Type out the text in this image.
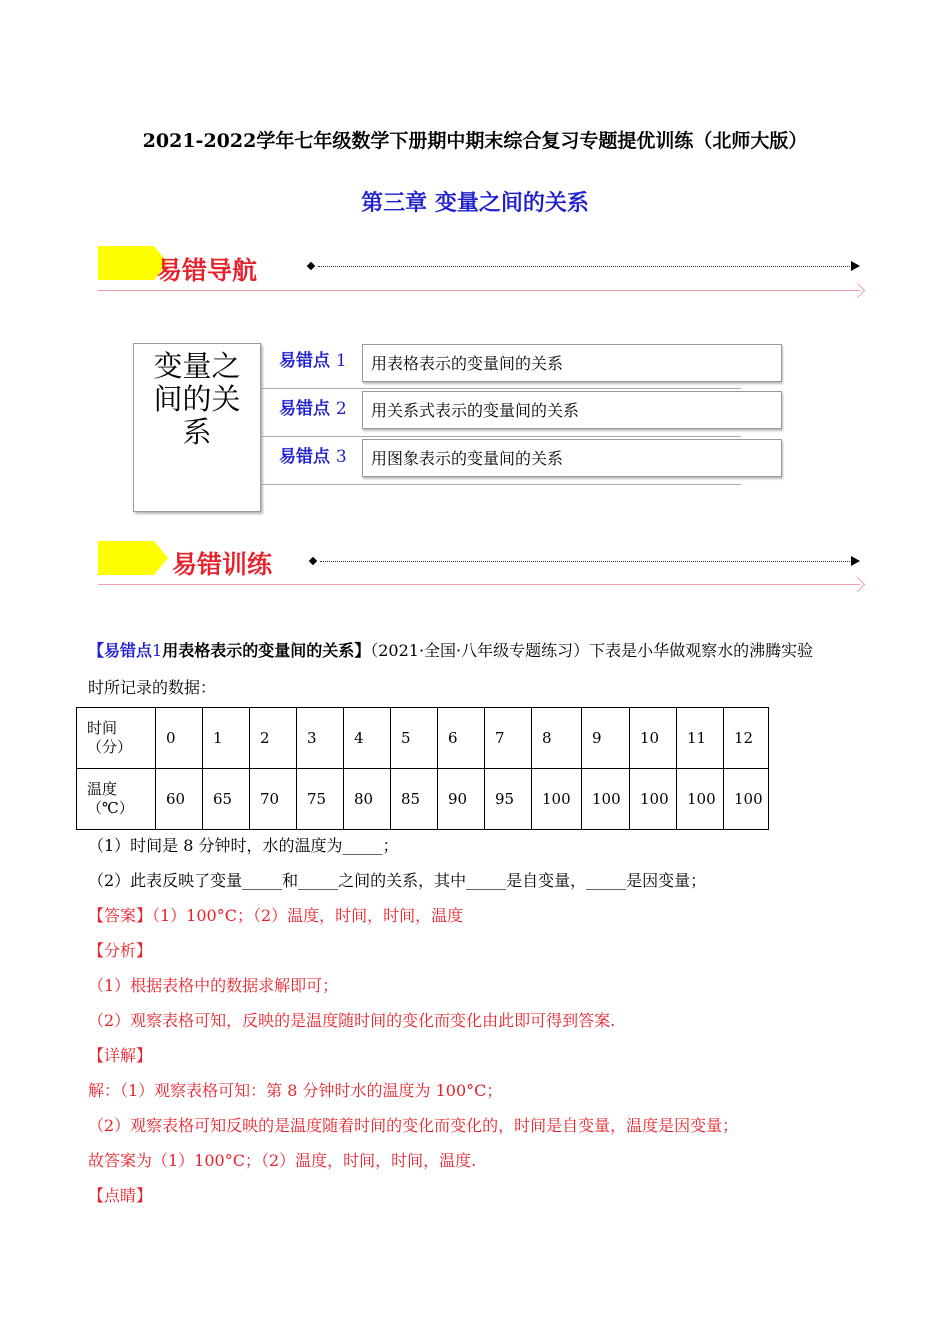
2021-2022学年七年级数学下册期中期末综合复习专题提优训练（北师大版）
第三章 变量之间的关系
易错导航
变量之
间的关
系
易错点 1	用表格表示的变量间的关系
易错点 2	用关系式表示的变量间的关系
易错点 3	用图象表示的变量间的关系
易错训练
【易错点1用表格表示的变量间的关系】（2021·全国·八年级专题练习）下表是小华做观察水的沸腾实验
时所记录的数据：
时间
（分）	0	1	2	3	4	5	6	7	8	9	10	11	12

温度
（℃）	60	65	70	75	80	85	90	95	100	100	100	100	100
（1）时间是 8 分钟时，水的温度为_____；
（2）此表反映了变量_____和_____之间的关系，其中_____是自变量，_____是因变量；
【答案】（1）100°C；（2）温度，时间，时间，温度
【分析】
（1）根据表格中的数据求解即可；
（2）观察表格可知，反映的是温度随时间的变化而变化由此即可得到答案.
【详解】
解：（1）观察表格可知：第 8 分钟时水的温度为 100°C；
（2）观察表格可知反映的是温度随着时间的变化而变化的，时间是自变量，温度是因变量；
故答案为（1）100°C；（2）温度，时间，时间，温度.
【点睛】
